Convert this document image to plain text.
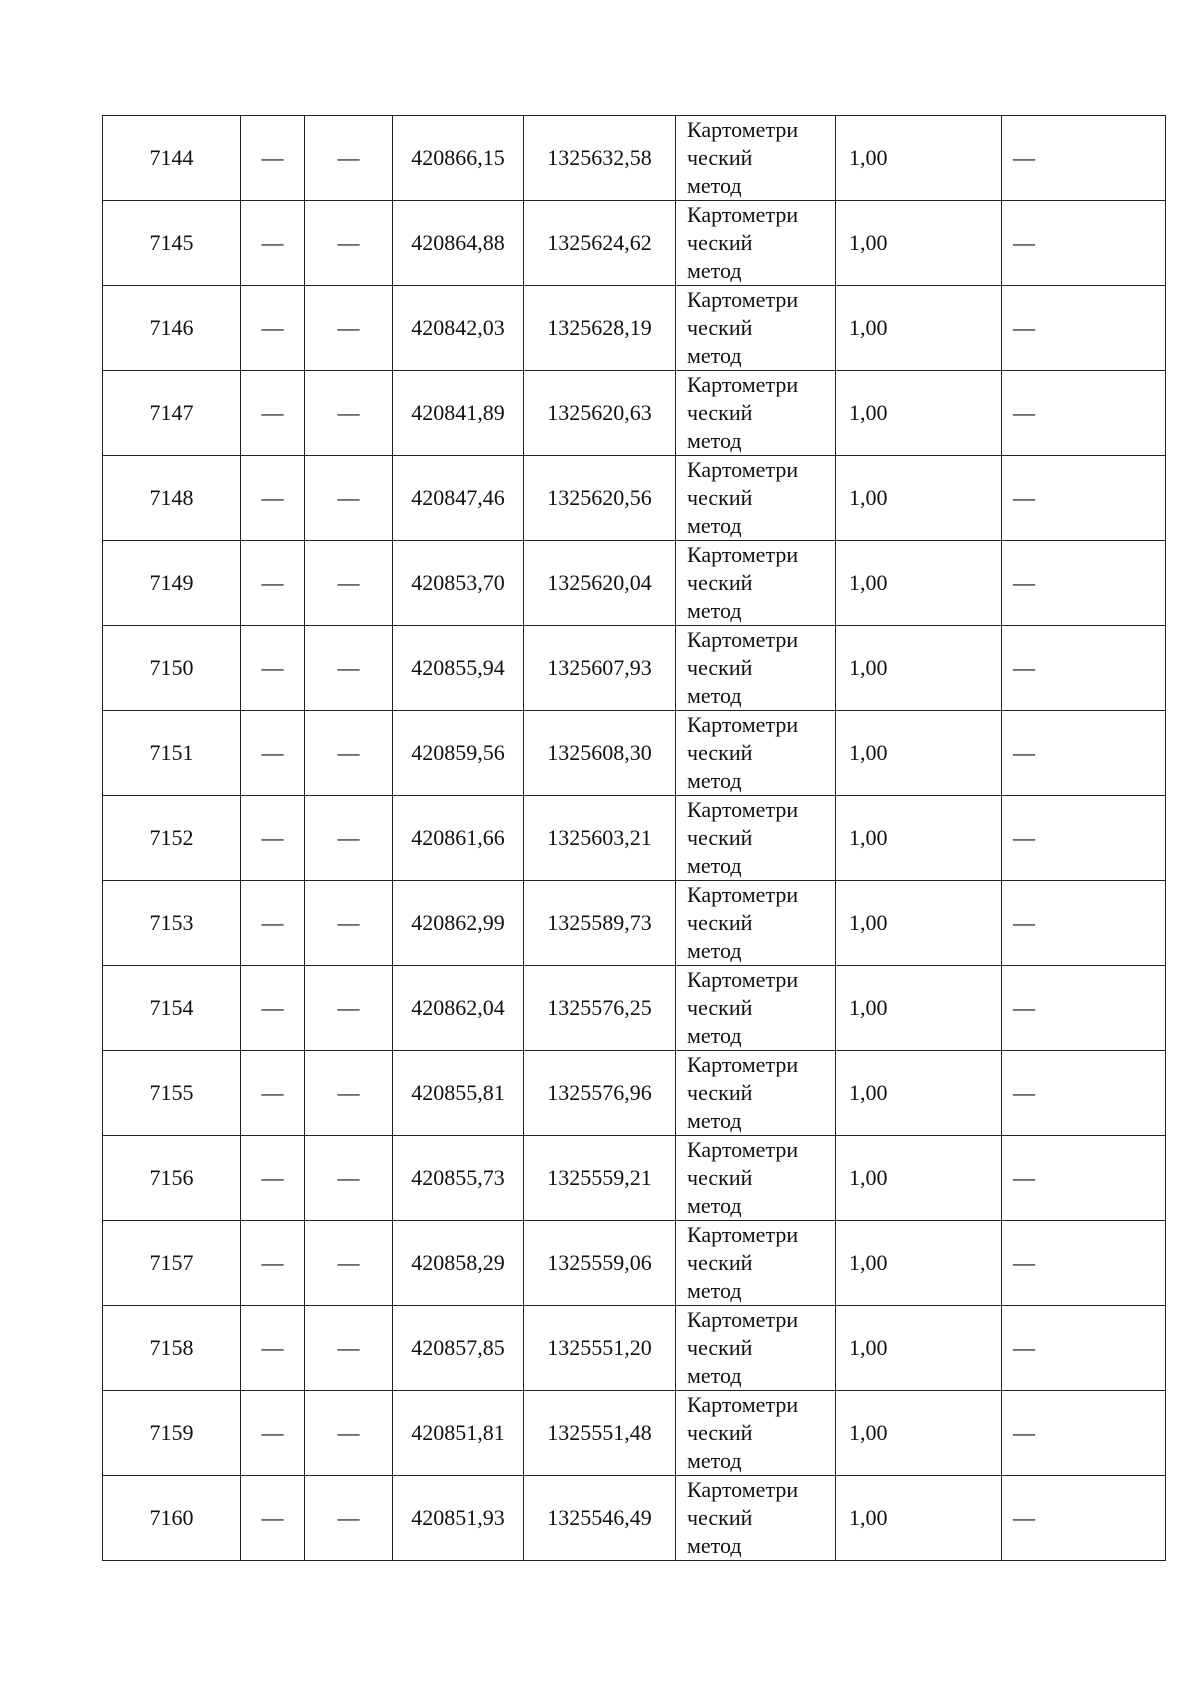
7144	—	—	420866,15	1325632,58	Картометри
ческий
метод	1,00	—
7145	—	—	420864,88	1325624,62	Картометри
ческий
метод	1,00	—
7146	—	—	420842,03	1325628,19	Картометри
ческий
метод	1,00	—
7147	—	—	420841,89	1325620,63	Картометри
ческий
метод	1,00	—
7148	—	—	420847,46	1325620,56	Картометри
ческий
метод	1,00	—
7149	—	—	420853,70	1325620,04	Картометри
ческий
метод	1,00	—
7150	—	—	420855,94	1325607,93	Картометри
ческий
метод	1,00	—
7151	—	—	420859,56	1325608,30	Картометри
ческий
метод	1,00	—
7152	—	—	420861,66	1325603,21	Картометри
ческий
метод	1,00	—
7153	—	—	420862,99	1325589,73	Картометри
ческий
метод	1,00	—
7154	—	—	420862,04	1325576,25	Картометри
ческий
метод	1,00	—
7155	—	—	420855,81	1325576,96	Картометри
ческий
метод	1,00	—
7156	—	—	420855,73	1325559,21	Картометри
ческий
метод	1,00	—
7157	—	—	420858,29	1325559,06	Картометри
ческий
метод	1,00	—
7158	—	—	420857,85	1325551,20	Картометри
ческий
метод	1,00	—
7159	—	—	420851,81	1325551,48	Картометри
ческий
метод	1,00	—
7160	—	—	420851,93	1325546,49	Картометри
ческий
метод	1,00	—
